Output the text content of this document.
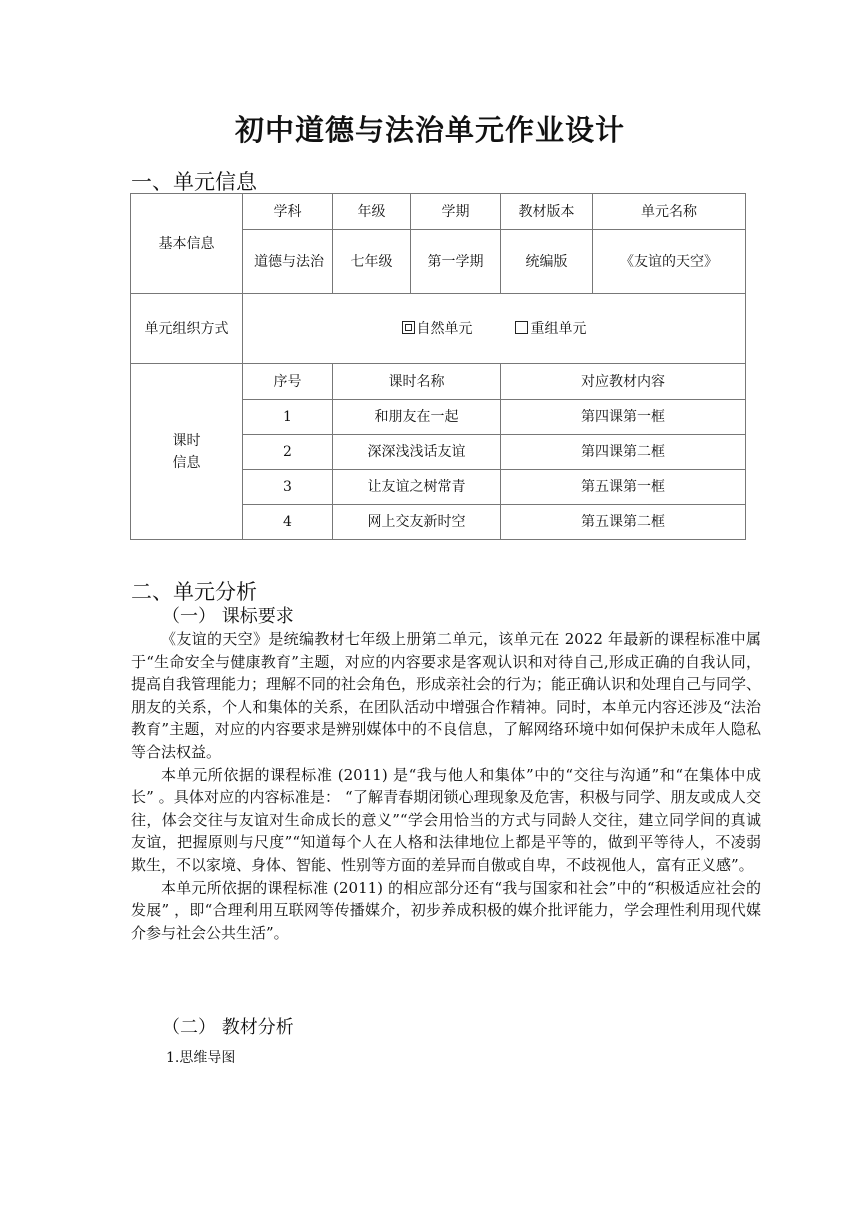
初中道德与法治单元作业设计
一、单元信息
基本信息	学科	年级	学期	教材版本	单元名称
	道德与法治	七年级	第一学期	统编版	《友谊的天空》
单元组织方式	自然单元 重组单元				

课时信息	序号	课时名称		对应教材内容	
	1	和朋友在一起		第四课第一框	
	2	深深浅浅话友谊		第四课第二框	
	3	让友谊之树常青		第五课第一框	
	4	网上交友新时空		第五课第二框	
二、单元分析
（一） 课标要求

《友谊的天空》是统编教材七年级上册第二单元，该单元在 2022 年最新的课程标准中属于“生命安全与健康教育”主题，对应的内容要求是客观认识和对待自己,形成正确的自我认同，提高自我管理能力；理解不同的社会角色，形成亲社会的行为；能正确认识和处理自己与同学、朋友的关系，个人和集体的关系，在团队活动中增强合作精神。同时，本单元内容还涉及“法治教育”主题，对应的内容要求是辨别媒体中的不良信息，了解网络环境中如何保护未成年人隐私等合法权益。

本单元所依据的课程标准 (2011) 是“我与他人和集体”中的“交往与沟通”和“在集体中成长” 。具体对应的内容标准是： “了解青春期闭锁心理现象及危害，积极与同学、朋友或成人交往，体会交往与友谊对生命成长的意义”“学会用恰当的方式与同龄人交往，建立同学间的真诚友谊，把握原则与尺度”“知道每个人在人格和法律地位上都是平等的，做到平等待人，不凌弱欺生，不以家境、身体、智能、性别等方面的差异而自傲或自卑，不歧视他人，富有正义感”。

本单元所依据的课程标准 (2011) 的相应部分还有“我与国家和社会”中的“积极适应社会的发展” ，即“合理利用互联网等传播媒介，初步养成积极的媒介批评能力，学会理性利用现代媒介参与社会公共生活”。

（二） 教材分析
1.思维导图
